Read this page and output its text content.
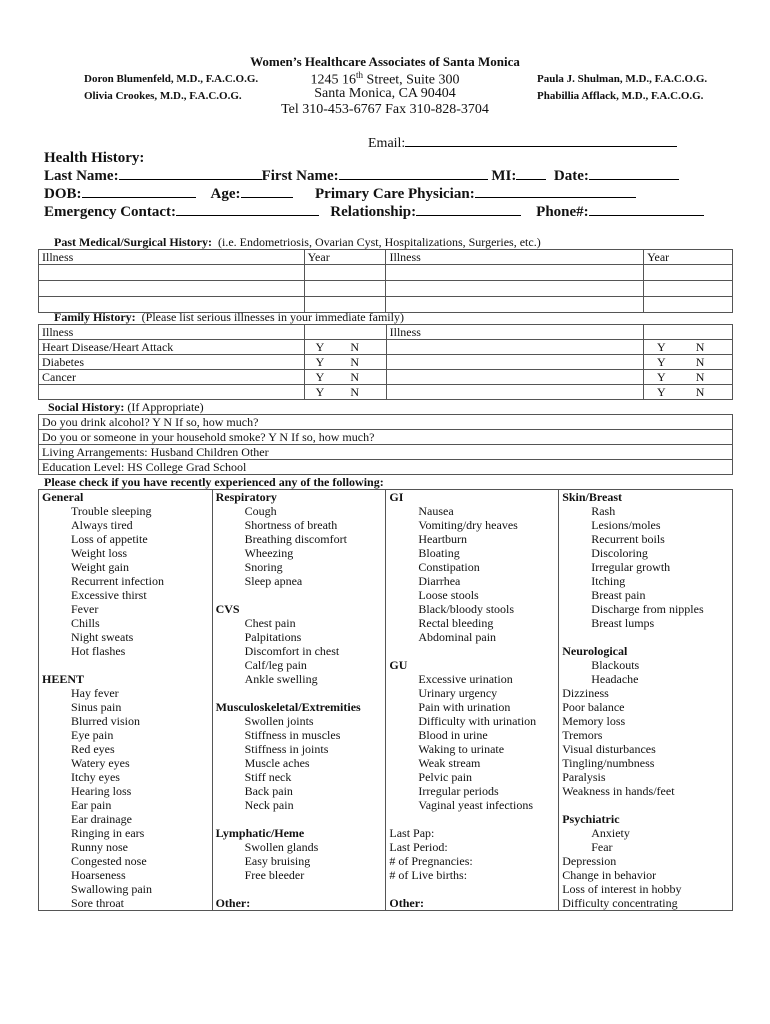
Women’s Healthcare Associates of Santa Monica
1245 16th Street, Suite 300
Santa Monica, CA 90404
Tel 310-453-6767 Fax 310-828-3704
Doron Blumenfeld, M.D., F.A.C.O.G.
Olivia Crookes, M.D., F.A.C.O.G.
Paula J. Shulman, M.D., F.A.C.O.G.
Phabillia Afflack, M.D., F.A.C.O.G.
Email:
Health History:
Last Name:	First Name:	MI:	Date:
DOB:	Age:	Primary Care Physician:
Emergency Contact:	Relationship:	Phone#:
Past Medical/Surgical History: (i.e. Endometriosis, Ovarian Cyst, Hospitalizations, Surgeries, etc.)
Illness	Year	Illness	Year

Family History: (Please list serious illnesses in your immediate family)
Illness		Illness	
Heart Disease/Heart Attack	Y N		Y N
Diabetes	Y N		Y N
Cancer	Y N		Y N
	Y N		Y N
Social History: (If Appropriate)
Do you drink alcohol? Y N If so, how much?
Do you or someone in your household smoke? Y N If so, how much?
Living Arrangements: Husband Children Other
Education Level: HS College Grad School
Please check if you have recently experienced any of the following:
General	Respiratory	GI	Skin/Breast
Trouble sleeping	Cough	Nausea	Rash
Always tired	Shortness of breath	Vomiting/dry heaves	Lesions/moles
Loss of appetite	Breathing discomfort	Heartburn	Recurrent boils
Weight loss	Wheezing	Bloating	Discoloring
Weight gain	Snoring	Constipation	Irregular growth
Recurrent infection	Sleep apnea	Diarrhea	Itching
Excessive thirst		Loose stools	Breast pain
Fever	CVS	Black/bloody stools	Discharge from nipples
Chills	Chest pain	Rectal bleeding	Breast lumps
Night sweats	Palpitations	Abdominal pain	
Hot flashes	Discomfort in chest		Neurological
	Calf/leg pain	GU	Blackouts
HEENT	Ankle swelling	Excessive urination	Headache
Hay fever		Urinary urgency	Dizziness
Sinus pain	Musculoskeletal/Extremities	Pain with urination	Poor balance
Blurred vision	Swollen joints	Difficulty with urination	Memory loss
Eye pain	Stiffness in muscles	Blood in urine	Tremors
Red eyes	Stiffness in joints	Waking to urinate	Visual disturbances
Watery eyes	Muscle aches	Weak stream	Tingling/numbness
Itchy eyes	Stiff neck	Pelvic pain	Paralysis
Hearing loss	Back pain	Irregular periods	Weakness in hands/feet
Ear pain	Neck pain	Vaginal yeast infections	
Ear drainage			Psychiatric
Ringing in ears	Lymphatic/Heme	Last Pap:	Anxiety
Runny nose	Swollen glands	Last Period:	Fear
Congested nose	Easy bruising	# of Pregnancies:	Depression
Hoarseness	Free bleeder	# of Live births:	Change in behavior
Swallowing pain			Loss of interest in hobby
Sore throat	Other:	Other:	Difficulty concentrating
